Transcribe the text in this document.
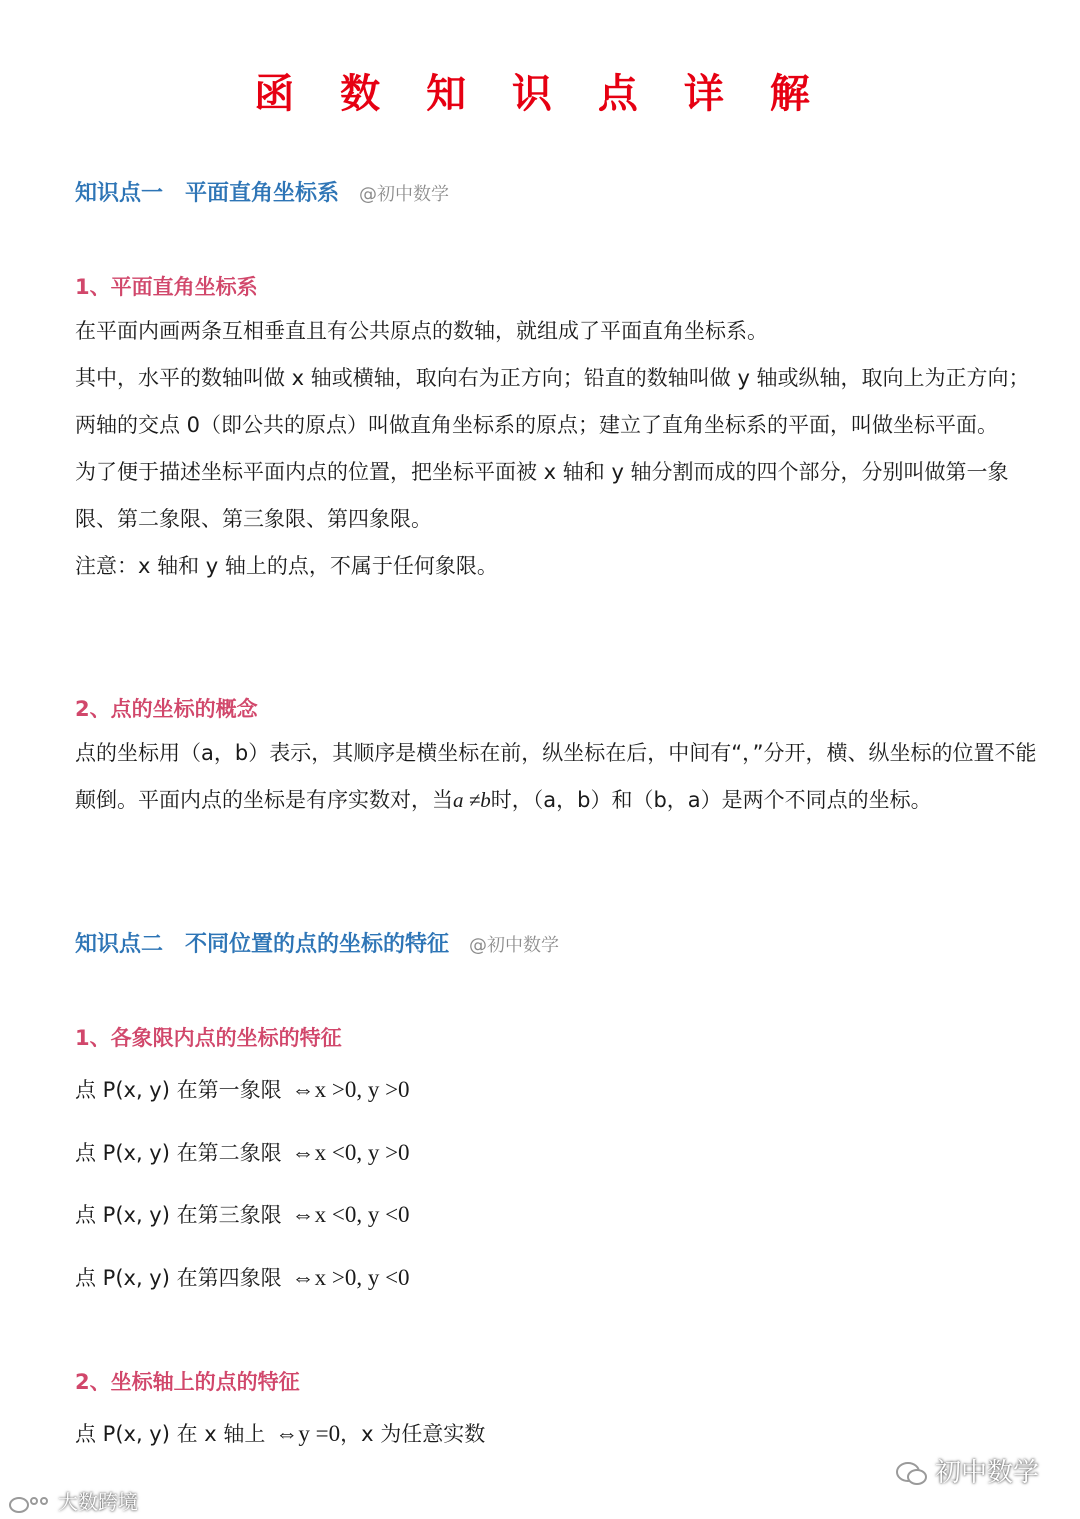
函 数 知 识 点 详 解
知识点一 平面直角坐标系 @初中数学
1、平面直角坐标系

在平面内画两条互相垂直且有公共原点的数轴，就组成了平面直角坐标系。

其中，水平的数轴叫做 x 轴或横轴，取向右为正方向；铅直的数轴叫做 y 轴或纵轴，取向上为正方向；两轴的交点 0（即公共的原点）叫做直角坐标系的原点；建立了直角坐标系的平面，叫做坐标平面。

为了便于描述坐标平面内点的位置，把坐标平面被 x 轴和 y 轴分割而成的四个部分，分别叫做第一象限、第二象限、第三象限、第四象限。

注意：x 轴和 y 轴上的点，不属于任何象限。

2、点的坐标的概念

点的坐标用（a，b）表示，其顺序是横坐标在前，纵坐标在后，中间有“，”分开，横、纵坐标的位置不能颠倒。平面内点的坐标是有序实数对，当a ≠b时，（a，b）和（b，a）是两个不同点的坐标。

知识点二 不同位置的点的坐标的特征 @初中数学
1、各象限内点的坐标的特征
点 P(x, y) 在第一象限 ⇔x >0, y >0
点 P(x, y) 在第二象限 ⇔x <0, y >0
点 P(x, y) 在第三象限 ⇔x <0, y <0
点 P(x, y) 在第四象限 ⇔x >0, y <0
2、坐标轴上的点的特征
点 P(x, y) 在 x 轴上 ⇔y =0，x 为任意实数
初中数学
大数跨境
